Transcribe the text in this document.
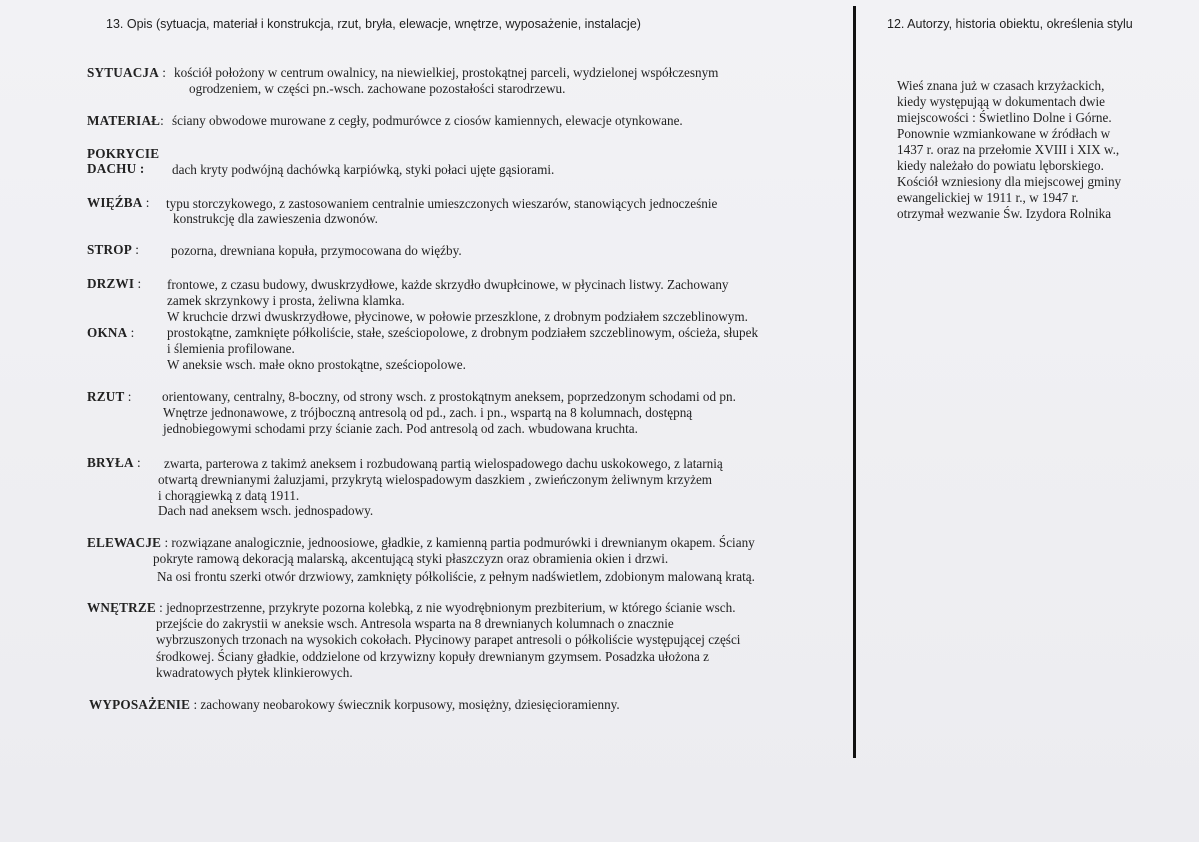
13. Opis (sytuacja, materiał i konstrukcja, rzut, bryła, elewacje, wnętrze, wyposażenie, instalacje)	12. Autorzy, historia obiektu, określenia stylu
SYTUACJA : kościół położony w centrum owalnicy, na niewielkiej, prostokątnej parceli, wydzielonej współczesnym
ogrodzeniem, w części pn.-wsch. zachowane pozostałości starodrzewu.
MATERIAŁ: ściany obwodowe murowane z cegły, podmurówce z ciosów kamiennych, elewacje otynkowane.
POKRYCIE
DACHU : dach kryty podwójną dachówką karpiówką, styki połaci ujęte gąsiorami.
WIĘŹBA : typu storczykowego, z zastosowaniem centralnie umieszczonych wieszarów, stanowiących jednocześnie
konstrukcję dla zawieszenia dzwonów.
STROP : pozorna, drewniana kopuła, przymocowana do więźby.
DRZWI : frontowe, z czasu budowy, dwuskrzydłowe, każde skrzydło dwupłcinowe, w płycinach listwy. Zachowany
zamek skrzynkowy i prosta, żeliwna klamka.
W kruchcie drzwi dwuskrzydłowe, płycinowe, w połowie przeszklone, z drobnym podziałem szczeblinowym.
OKNA : prostokątne, zamknięte półkoliście, stałe, sześciopolowe, z drobnym podziałem szczeblinowym, ościeża, słupek
i ślemienia profilowane.
W aneksie wsch. małe okno prostokątne, sześciopolowe.
RZUT : orientowany, centralny, 8-boczny, od strony wsch. z prostokątnym aneksem, poprzedzonym schodami od pn.
Wnętrze jednonawowe, z trójboczną antresolą od pd., zach. i pn., wspartą na 8 kolumnach, dostępną
jednobiegowymi schodami przy ścianie zach. Pod antresolą od zach. wbudowana kruchta.
BRYŁA : zwarta, parterowa z takimż aneksem i rozbudowaną partią wielospadowego dachu uskokowego, z latarnią
otwartą drewnianymi żaluzjami, przykrytą wielospadowym daszkiem , zwieńczonym żeliwnym krzyżem
i chorągiewką z datą 1911.
Dach nad aneksem wsch. jednospadowy.
ELEWACJE : rozwiązane analogicznie, jednoosiowe, gładkie, z kamienną partia podmurówki i drewnianym okapem. Ściany
pokryte ramową dekoracją malarską, akcentującą styki płaszczyzn oraz obramienia okien i drzwi.
Na osi frontu szerki otwór drzwiowy, zamknięty półkoliście, z pełnym nadświetlem, zdobionym malowaną kratą.
WNĘTRZE : jednoprzestrzenne, przykryte pozorna kolebką, z nie wyodrębnionym prezbiterium, w którego ścianie wsch.
przejście do zakrystii w aneksie wsch. Antresola wsparta na 8 drewnianych kolumnach o znacznie
wybrzuszonych trzonach na wysokich cokołach. Płycinowy parapet antresoli o półkoliście występującej części
środkowej. Ściany gładkie, oddzielone od krzywizny kopuły drewnianym gzymsem. Posadzka ułożona z
kwadratowych płytek klinkierowych.
WYPOSAŻENIE : zachowany neobarokowy świecznik korpusowy, mosiężny, dziesięcioramienny.
Wieś znana już w czasach krzyżackich,
kiedy występująą w dokumentach dwie
miejscowości : Świetlino Dolne i Górne.
Ponownie wzmiankowane w źródłach w
1437 r. oraz na przełomie XVIII i XIX w.,
kiedy należało do powiatu lęborskiego.
Kościół wzniesiony dla miejscowej gminy
ewangelickiej w 1911 r., w 1947 r.
otrzymał wezwanie Św. Izydora Rolnika
